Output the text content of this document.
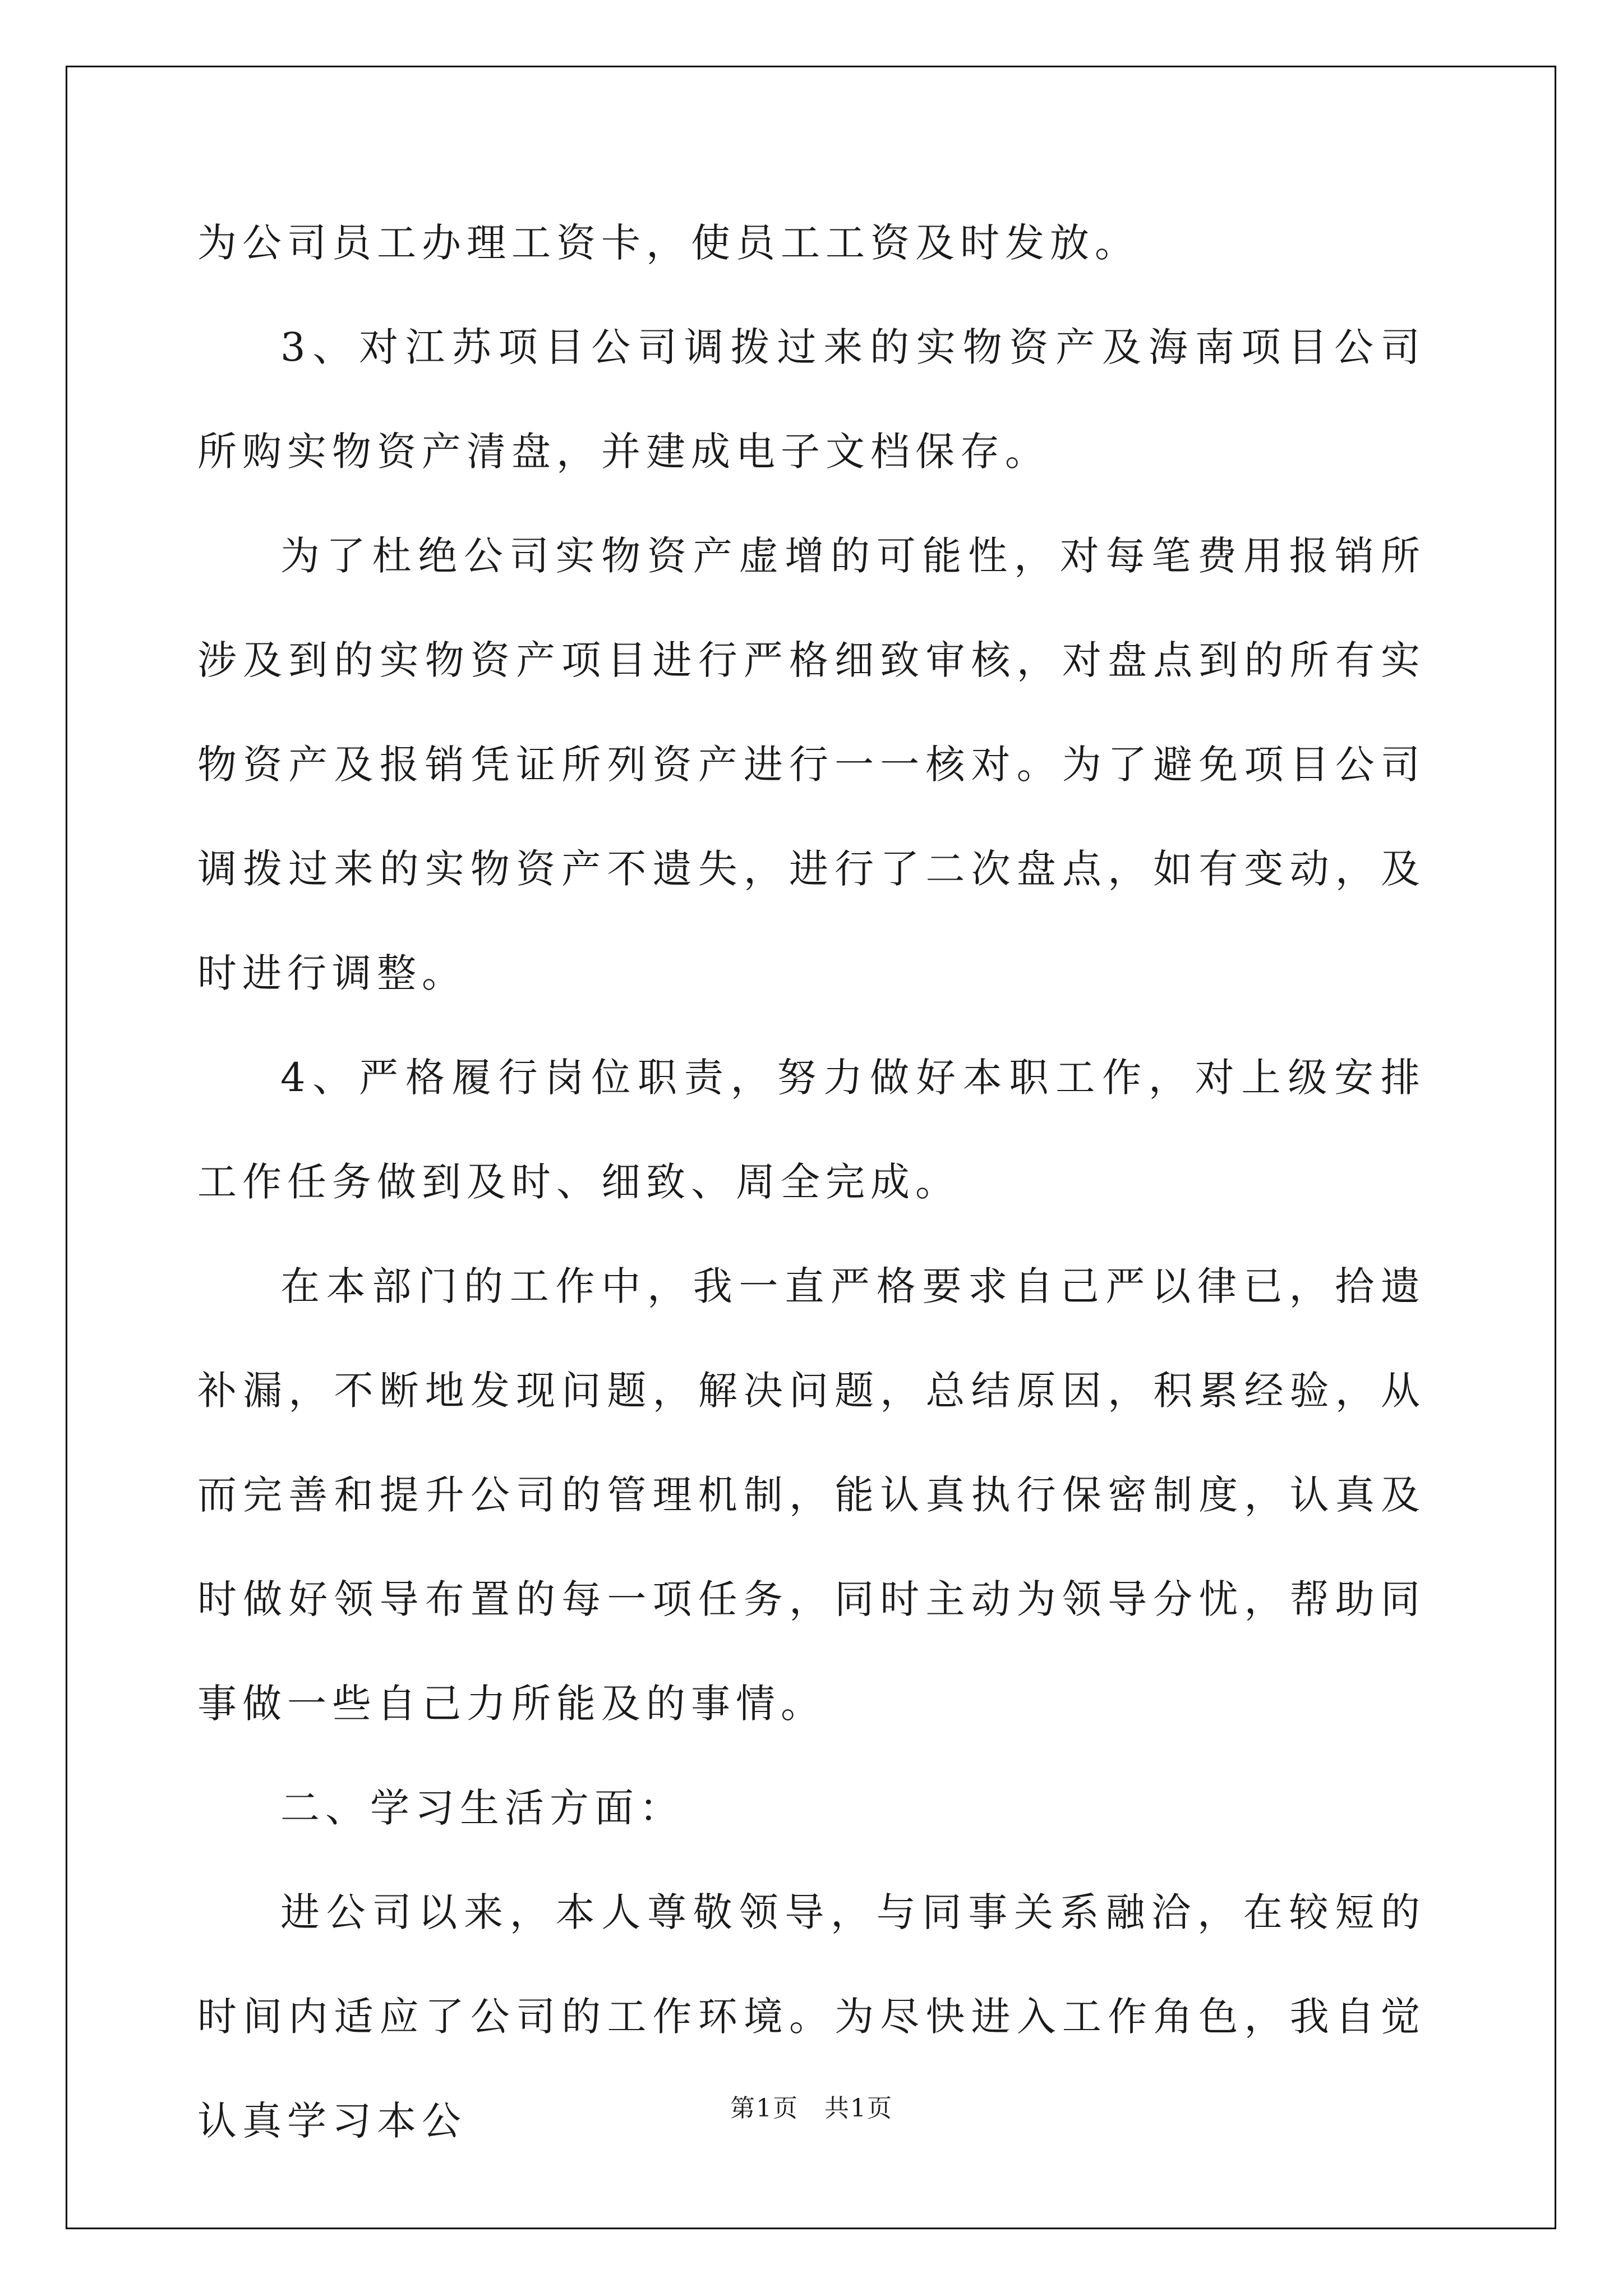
为公司员工办理工资卡，使员工工资及时发放。

3、对江苏项目公司调拨过来的实物资产及海南项目公司所购实物资产清盘，并建成电子文档保存。

为了杜绝公司实物资产虚增的可能性，对每笔费用报销所涉及到的实物资产项目进行严格细致审核，对盘点到的所有实物资产及报销凭证所列资产进行一一核对。为了避免项目公司调拨过来的实物资产不遗失，进行了二次盘点，如有变动，及时进行调整。

4、严格履行岗位职责，努力做好本职工作，对上级安排工作任务做到及时、细致、周全完成。

在本部门的工作中，我一直严格要求自己严以律已，拾遗补漏，不断地发现问题，解决问题，总结原因，积累经验，从而完善和提升公司的管理机制，能认真执行保密制度，认真及时做好领导布置的每一项任务，同时主动为领导分忧，帮助同事做一些自己力所能及的事情。

二、学习生活方面：

进公司以来，本人尊敬领导，与同事关系融洽，在较短的时间内适应了公司的工作环境。为尽快进入工作角色，我自觉认真学习本公	第1页　共1页
